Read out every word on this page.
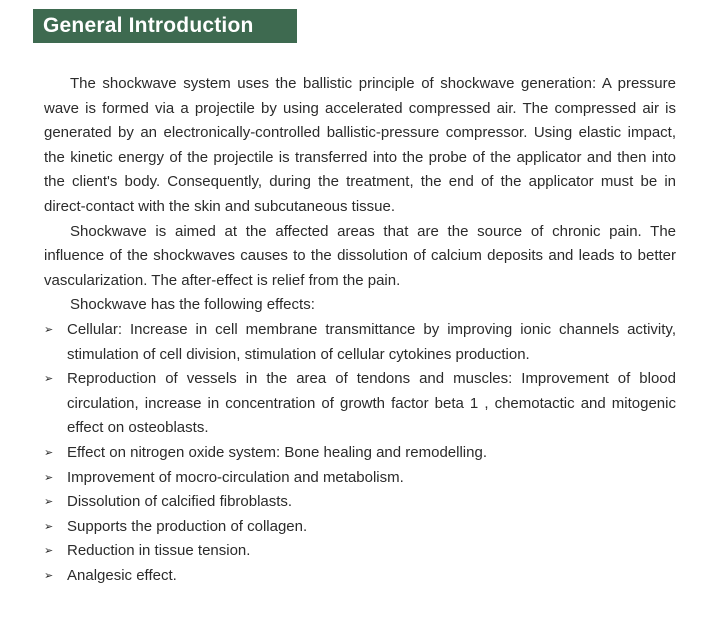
General Introduction

The shockwave system uses the ballistic principle of shockwave generation: A pressure wave is formed via a projectile by using accelerated compressed air. The compressed air is generated by an electronically-controlled ballistic-pressure compressor. Using elastic impact, the kinetic energy of the projectile is transferred into the probe of the applicator and then into the client's body. Consequently, during the treatment, the end of the applicator must be in direct-contact with the skin and subcutaneous tissue.

Shockwave is aimed at the affected areas that are the source of chronic pain. The influence of the shockwaves causes to the dissolution of calcium deposits and leads to better vascularization. The after-effect is relief from the pain.

Shockwave has the following effects:

➢ Cellular: Increase in cell membrane transmittance by improving ionic channels activity, stimulation of cell division, stimulation of cellular cytokines production.
➢ Reproduction of vessels in the area of tendons and muscles: Improvement of blood circulation, increase in concentration of growth factor beta 1 , chemotactic and mitogenic effect on osteoblasts.
➢ Effect on nitrogen oxide system: Bone healing and remodelling.
➢ Improvement of mocro-circulation and metabolism.
➢ Dissolution of calcified fibroblasts.
➢ Supports the production of collagen.
➢ Reduction in tissue tension.
➢ Analgesic effect.
